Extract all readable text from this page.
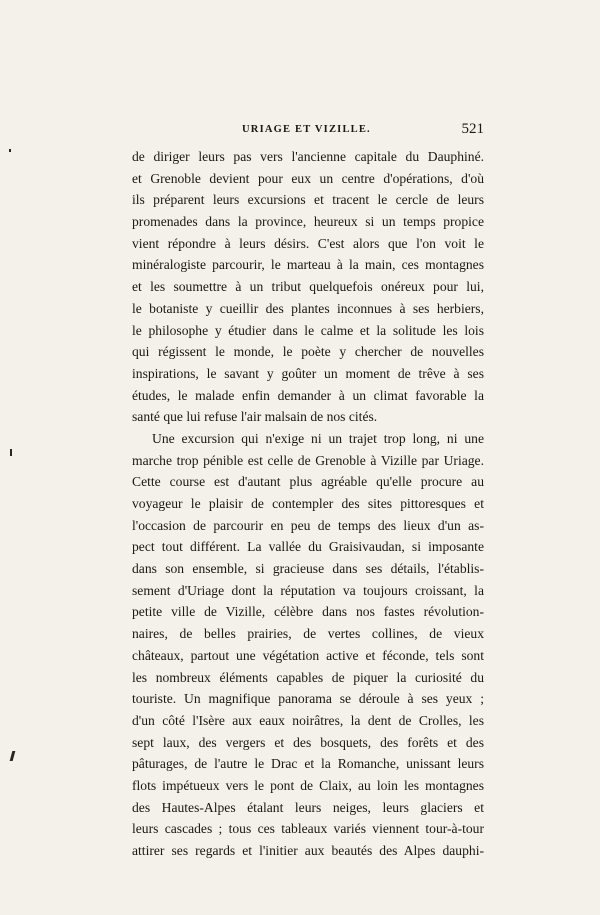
URIAGE ET VIZILLE.	521
de diriger leurs pas vers l'ancienne capitale du Dauphiné.
et Grenoble devient pour eux un centre d'opérations, d'où
ils préparent leurs excursions et tracent le cercle de leurs
promenades dans la province, heureux si un temps propice
vient répondre à leurs désirs. C'est alors que l'on voit le
minéralogiste parcourir, le marteau à la main, ces montagnes
et les soumettre à un tribut quelquefois onéreux pour lui,
le botaniste y cueillir des plantes inconnues à ses herbiers,
le philosophe y étudier dans le calme et la solitude les lois
qui régissent le monde, le poète y chercher de nouvelles
inspirations, le savant y goûter un moment de trêve à ses
études, le malade enfin demander à un climat favorable la
santé que lui refuse l'air malsain de nos cités.
Une excursion qui n'exige ni un trajet trop long, ni une
marche trop pénible est celle de Grenoble à Vizille par Uriage.
Cette course est d'autant plus agréable qu'elle procure au
voyageur le plaisir de contempler des sites pittoresques et
l'occasion de parcourir en peu de temps des lieux d'un as-
pect tout différent. La vallée du Graisivaudan, si imposante
dans son ensemble, si gracieuse dans ses détails, l'établis-
sement d'Uriage dont la réputation va toujours croissant, la
petite ville de Vizille, célèbre dans nos fastes révolution-
naires, de belles prairies, de vertes collines, de vieux
châteaux, partout une végétation active et féconde, tels sont
les nombreux éléments capables de piquer la curiosité du
touriste. Un magnifique panorama se déroule à ses yeux ;
d'un côté l'Isère aux eaux noirâtres, la dent de Crolles, les
sept laux, des vergers et des bosquets, des forêts et des
pâturages, de l'autre le Drac et la Romanche, unissant leurs
flots impétueux vers le pont de Claix, au loin les montagnes
des Hautes-Alpes étalant leurs neiges, leurs glaciers et
leurs cascades ; tous ces tableaux variés viennent tour-à-tour
attirer ses regards et l'initier aux beautés des Alpes dauphi-
